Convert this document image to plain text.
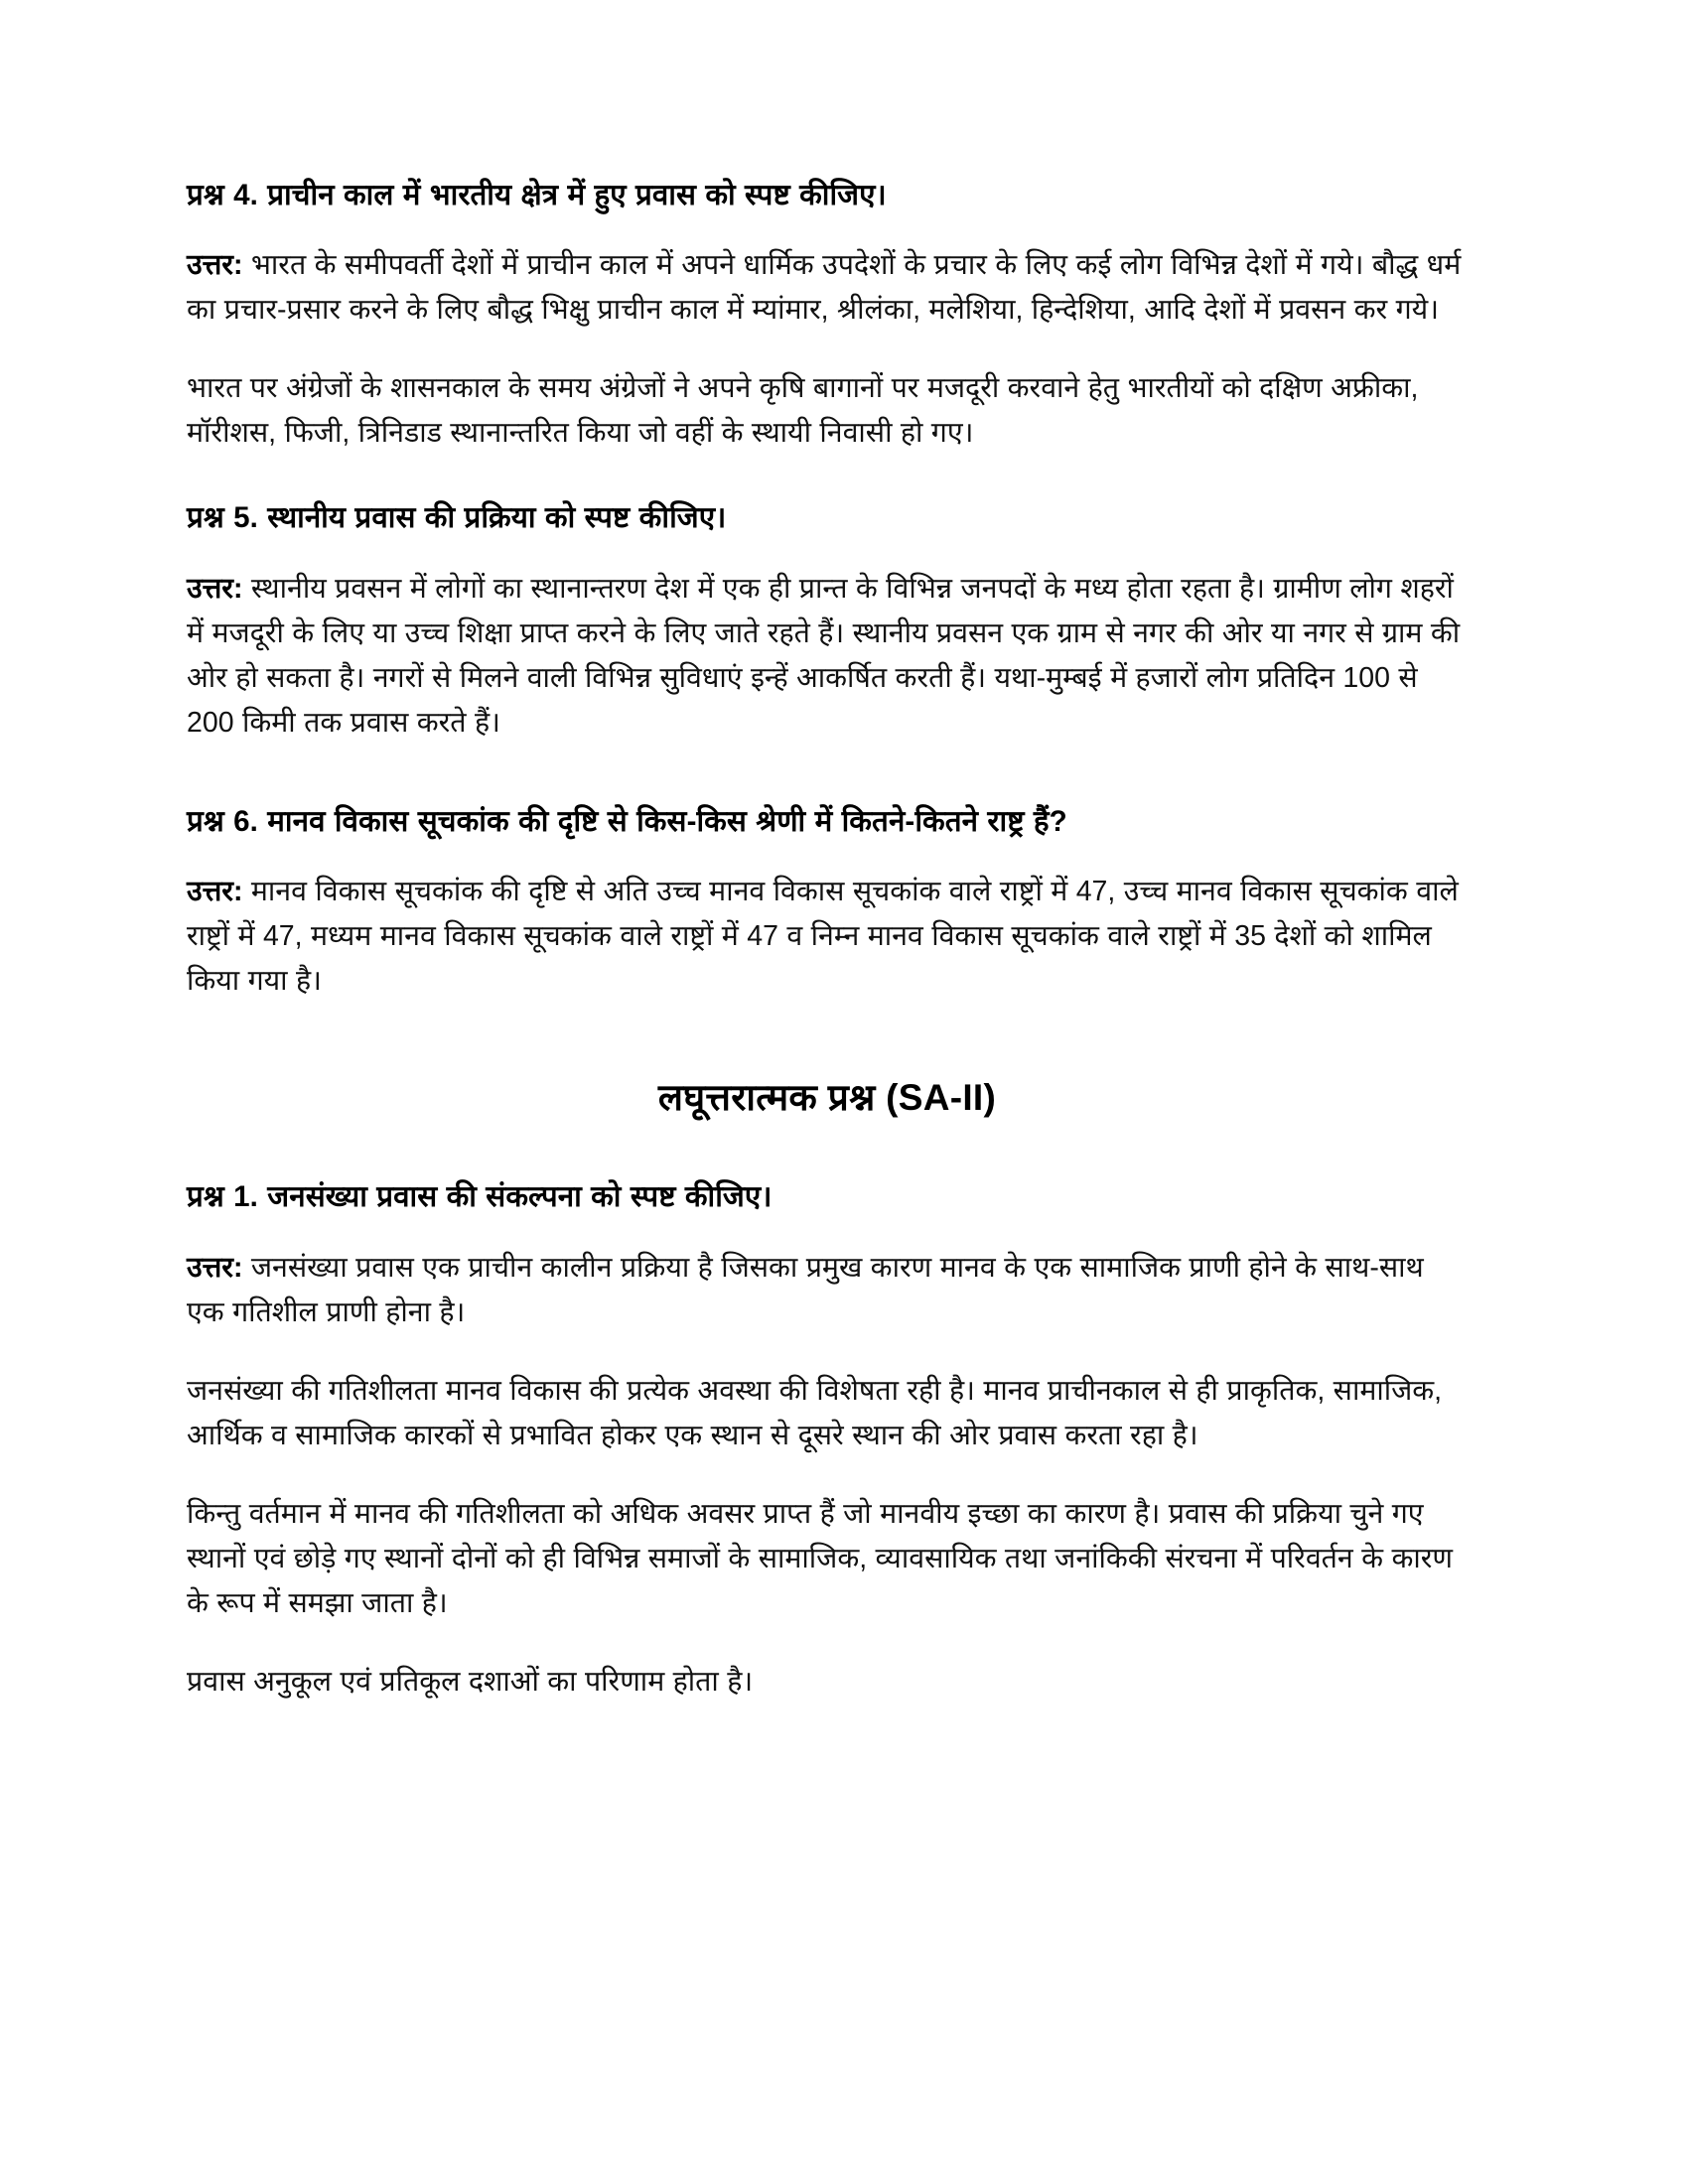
प्रश्न 4. प्राचीन काल में भारतीय क्षेत्र में हुए प्रवास को स्पष्ट कीजिए।

उत्तर: भारत के समीपवर्ती देशों में प्राचीन काल में अपने धार्मिक उपदेशों के प्रचार के लिए कई लोग विभिन्न देशों में गये। बौद्ध धर्म का प्रचार-प्रसार करने के लिए बौद्ध भिक्षु प्राचीन काल में म्यांमार, श्रीलंका, मलेशिया, हिन्देशिया, आदि देशों में प्रवसन कर गये।

भारत पर अंग्रेजों के शासनकाल के समय अंग्रेजों ने अपने कृषि बागानों पर मजदूरी करवाने हेतु भारतीयों को दक्षिण अफ्रीका, मॉरीशस, फिजी, त्रिनिडाड स्थानान्तरित किया जो वहीं के स्थायी निवासी हो गए।

प्रश्न 5. स्थानीय प्रवास की प्रक्रिया को स्पष्ट कीजिए।

उत्तर: स्थानीय प्रवसन में लोगों का स्थानान्तरण देश में एक ही प्रान्त के विभिन्न जनपदों के मध्य होता रहता है। ग्रामीण लोग शहरों में मजदूरी के लिए या उच्च शिक्षा प्राप्त करने के लिए जाते रहते हैं। स्थानीय प्रवसन एक ग्राम से नगर की ओर या नगर से ग्राम की ओर हो सकता है। नगरों से मिलने वाली विभिन्न सुविधाएं इन्हें आकर्षित करती हैं। यथा-मुम्बई में हजारों लोग प्रतिदिन 100 से 200 किमी तक प्रवास करते हैं।

प्रश्न 6. मानव विकास सूचकांक की दृष्टि से किस-किस श्रेणी में कितने-कितने राष्ट्र हैं?

उत्तर: मानव विकास सूचकांक की दृष्टि से अति उच्च मानव विकास सूचकांक वाले राष्ट्रों में 47, उच्च मानव विकास सूचकांक वाले राष्ट्रों में 47, मध्यम मानव विकास सूचकांक वाले राष्ट्रों में 47 व निम्न मानव विकास सूचकांक वाले राष्ट्रों में 35 देशों को शामिल किया गया है।

लघूत्तरात्मक प्रश्न (SA-II)
प्रश्न 1. जनसंख्या प्रवास की संकल्पना को स्पष्ट कीजिए।

उत्तर: जनसंख्या प्रवास एक प्राचीन कालीन प्रक्रिया है जिसका प्रमुख कारण मानव के एक सामाजिक प्राणी होने के साथ-साथ एक गतिशील प्राणी होना है।

जनसंख्या की गतिशीलता मानव विकास की प्रत्येक अवस्था की विशेषता रही है। मानव प्राचीनकाल से ही प्राकृतिक, सामाजिक, आर्थिक व सामाजिक कारकों से प्रभावित होकर एक स्थान से दूसरे स्थान की ओर प्रवास करता रहा है।

किन्तु वर्तमान में मानव की गतिशीलता को अधिक अवसर प्राप्त हैं जो मानवीय इच्छा का कारण है। प्रवास की प्रक्रिया चुने गए स्थानों एवं छोड़े गए स्थानों दोनों को ही विभिन्न समाजों के सामाजिक, व्यावसायिक तथा जनांकिकी संरचना में परिवर्तन के कारण के रूप में समझा जाता है।

प्रवास अनुकूल एवं प्रतिकूल दशाओं का परिणाम होता है।
